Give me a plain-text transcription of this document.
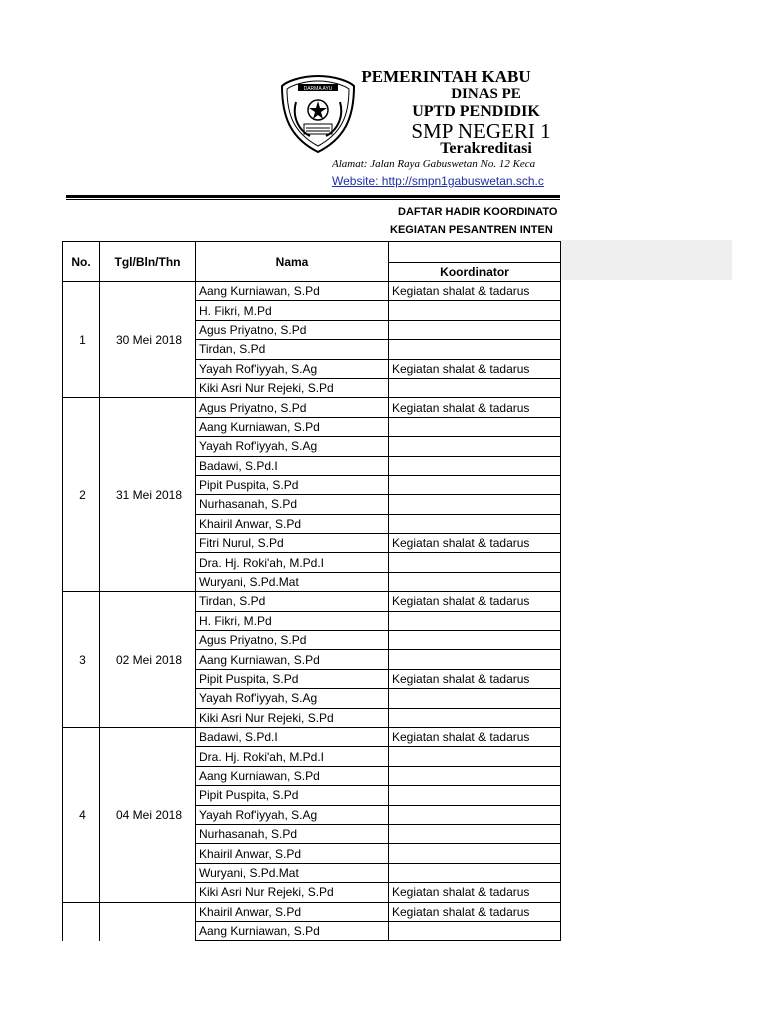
DARMA AYU
PEMERINTAH KABU
DINAS PE
UPTD PENDIDIK
SMP NEGERI 1
Terakreditasi
Alamat: Jalan Raya Gabuswetan No. 12 Keca
Website: http://smpn1gabuswetan.sch.c
DAFTAR HADIR KOORDINATO
KEGIATAN PESANTREN INTEN
No.	Tgl/Bln/Thn	Nama	
			Koordinator
1	30 Mei 2018	Aang Kurniawan, S.Pd	Kegiatan shalat & tadarus
		H. Fikri, M.Pd	
		Agus Priyatno, S.Pd	
		Tirdan, S.Pd	
		Yayah Rof'iyyah, S.Ag	Kegiatan shalat & tadarus
		Kiki Asri Nur Rejeki, S.Pd	
2	31 Mei 2018	Agus Priyatno, S.Pd	Kegiatan shalat & tadarus
		Aang Kurniawan, S.Pd	
		Yayah Rof'iyyah, S.Ag	
		Badawi, S.Pd.I	
		Pipit Puspita, S.Pd	
		Nurhasanah, S.Pd	
		Khairil Anwar, S.Pd	
		Fitri Nurul, S.Pd	Kegiatan shalat & tadarus
		Dra. Hj. Roki'ah, M.Pd.I	
		Wuryani, S.Pd.Mat	
3	02 Mei 2018	Tirdan, S.Pd	Kegiatan shalat & tadarus
		H. Fikri, M.Pd	
		Agus Priyatno, S.Pd	
		Aang Kurniawan, S.Pd	
		Pipit Puspita, S.Pd	Kegiatan shalat & tadarus
		Yayah Rof'iyyah, S.Ag	
		Kiki Asri Nur Rejeki, S.Pd	
4	04 Mei 2018	Badawi, S.Pd.I	Kegiatan shalat & tadarus
		Dra. Hj. Roki'ah, M.Pd.I	
		Aang Kurniawan, S.Pd	
		Pipit Puspita, S.Pd	
		Yayah Rof'iyyah, S.Ag	
		Nurhasanah, S.Pd	
		Khairil Anwar, S.Pd	
		Wuryani, S.Pd.Mat	
		Kiki Asri Nur Rejeki, S.Pd	Kegiatan shalat & tadarus
		Khairil Anwar, S.Pd	Kegiatan shalat & tadarus
		Aang Kurniawan, S.Pd	
